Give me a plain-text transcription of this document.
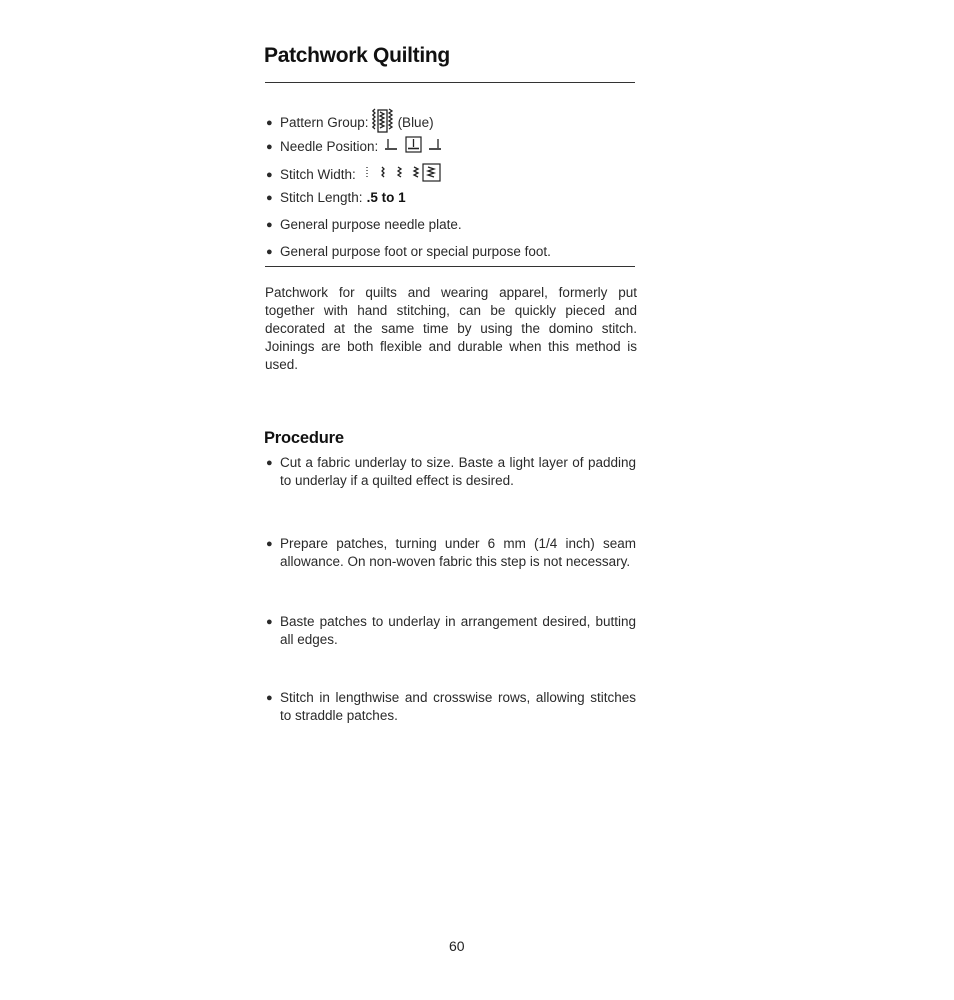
Patchwork Quilting
● Pattern Group: (Blue)
● Needle Position:
● Stitch Width:
● Stitch Length: .5 to 1
● General purpose needle plate.
● General purpose foot or special purpose foot.

Patchwork for quilts and wearing apparel, formerly put together with hand stitching, can be quickly pieced and decorated at the same time by using the domino stitch. Joinings are both flexible and durable when this method is used.

Procedure

● Cut a fabric underlay to size. Baste a light layer of padding to underlay if a quilted effect is desired.

● Prepare patches, turning under 6 mm (1/4 inch) seam allowance. On non-woven fabric this step is not necessary.

● Baste patches to underlay in arrangement desired, butting all edges.

● Stitch in lengthwise and crosswise rows, allowing stitches to straddle patches.

60
